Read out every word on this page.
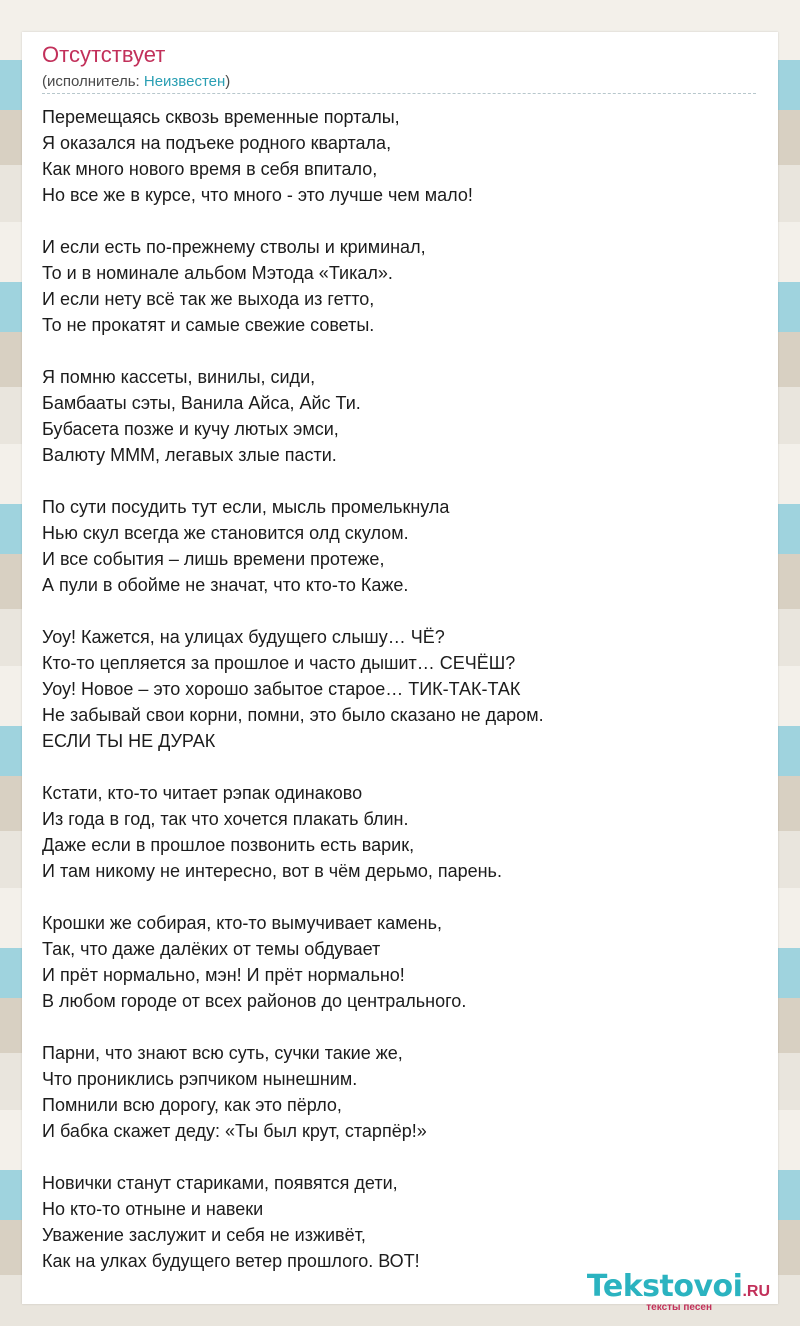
Отсутствует
(исполнитель: Неизвестен)
Перемещаясь сквозь временные порталы,
Я оказался на подъеке родного квартала,
Как много нового время в себя впитало,
Но все же в курсе, что много - это лучше чем мало!
И если есть по-прежнему стволы и криминал,
То и в номинале альбом Мэтода «Тикал».
И если нету всё так же выхода из гетто,
То не прокатят и самые свежие советы.
Я помню кассеты, винилы, сиди,
Бамбааты сэты, Ванила Айса, Айс Ти.
Бубасета позже и кучу лютых эмси,
Валюту МММ, легавых злые пасти.
По сути посудить тут если, мысль промелькнула
Нью скул всегда же становится олд скулом.
И все события – лишь времени протеже,
А пули в обойме не значат, что кто-то Каже.
Уоу! Кажется, на улицах будущего слышу… ЧЁ?
Кто-то цепляется за прошлое и часто дышит… СЕЧЁШ?
Уоу! Новое – это хорошо забытое старое… ТИК-ТАК-ТАК
Не забывай свои корни, помни, это было сказано не даром.
ЕСЛИ ТЫ НЕ ДУРАК
Кстати, кто-то читает рэпак одинаково
Из года в год, так что хочется плакать блин.
Даже если в прошлое позвонить есть варик,
И там никому не интересно, вот в чём дерьмо, парень.
Крошки же собирая, кто-то вымучивает камень,
Так, что даже далёких от темы обдувает
И прёт нормально, мэн! И прёт нормально!
В любом городе от всех районов до центрального.
Парни, что знают всю суть, сучки такие же,
Что прониклись рэпчиком нынешним.
Помнили всю дорогу, как это пёрло,
И бабка скажет деду: «Ты был крут, старпёр!»
Новички станут стариками, появятся дети,
Но кто-то отныне и навеки
Уважение заслужит и себя не изживёт,
Как на улках будущего ветер прошлого. ВОТ!
Tekstovoi.RU
тексты песен
